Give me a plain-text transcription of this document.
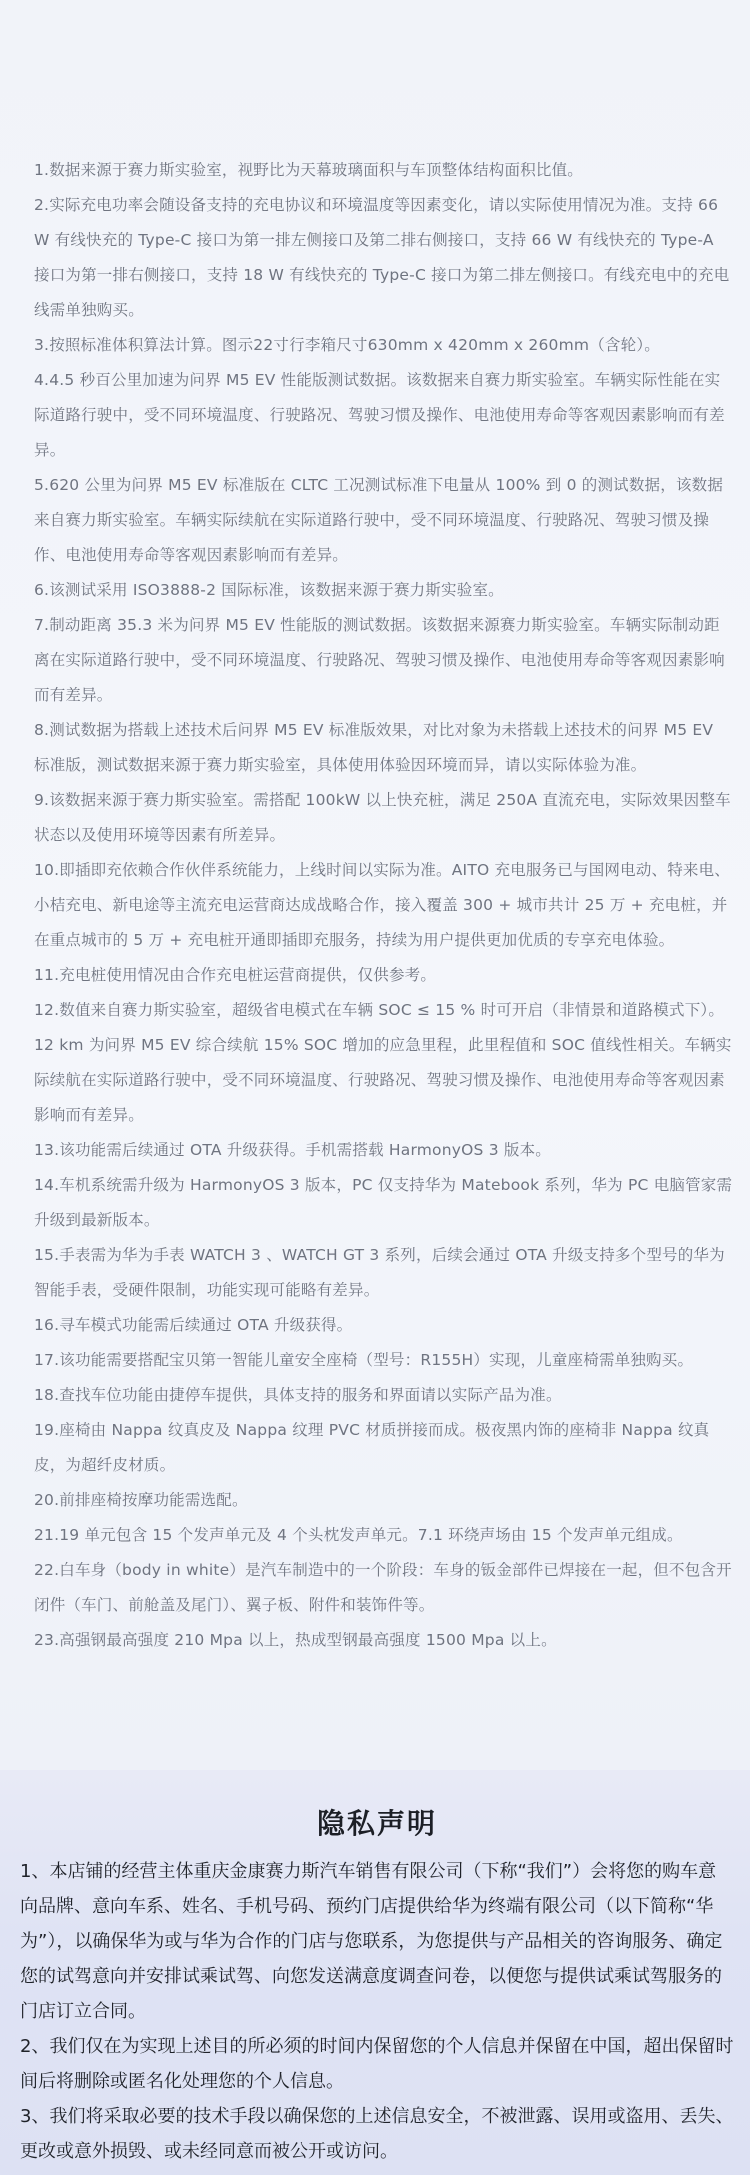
1.数据来源于赛力斯实验室，视野比为天幕玻璃面积与车顶整体结构面积比值。

2.实际充电功率会随设备支持的充电协议和环境温度等因素变化，请以实际使用情况为准。支持 66 W 有线快充的 Type-C 接口为第一排左侧接口及第二排右侧接口，支持 66 W 有线快充的 Type-A 接口为第一排右侧接口，支持 18 W 有线快充的 Type-C 接口为第二排左侧接口。有线充电中的充电线需单独购买。

3.按照标准体积算法计算。图示22寸行李箱尺寸630mm x 420mm x 260mm（含轮）。

4.4.5 秒百公里加速为问界 M5 EV 性能版测试数据。该数据来自赛力斯实验室。车辆实际性能在实际道路行驶中，受不同环境温度、行驶路况、驾驶习惯及操作、电池使用寿命等客观因素影响而有差异。

5.620 公里为问界 M5 EV 标准版在 CLTC 工况测试标准下电量从 100% 到 0 的测试数据，该数据来自赛力斯实验室。车辆实际续航在实际道路行驶中，受不同环境温度、行驶路况、驾驶习惯及操作、电池使用寿命等客观因素影响而有差异。

6.该测试采用 ISO3888-2 国际标准，该数据来源于赛力斯实验室。

7.制动距离 35.3 米为问界 M5 EV 性能版的测试数据。该数据来源赛力斯实验室。车辆实际制动距离在实际道路行驶中，受不同环境温度、行驶路况、驾驶习惯及操作、电池使用寿命等客观因素影响而有差异。

8.测试数据为搭载上述技术后问界 M5 EV 标准版效果，对比对象为未搭载上述技术的问界 M5 EV 标准版，测试数据来源于赛力斯实验室，具体使用体验因环境而异，请以实际体验为准。

9.该数据来源于赛力斯实验室。需搭配 100kW 以上快充桩，满足 250A 直流充电，实际效果因整车状态以及使用环境等因素有所差异。

10.即插即充依赖合作伙伴系统能力，上线时间以实际为准。AITO 充电服务已与国网电动、特来电、小桔充电、新电途等主流充电运营商达成战略合作，接入覆盖 300 + 城市共计 25 万 + 充电桩，并在重点城市的 5 万 + 充电桩开通即插即充服务，持续为用户提供更加优质的专享充电体验。

11.充电桩使用情况由合作充电桩运营商提供，仅供参考。

12.数值来自赛力斯实验室，超级省电模式在车辆 SOC ≤ 15 % 时可开启（非情景和道路模式下）。12 km 为问界 M5 EV 综合续航 15% SOC 增加的应急里程，此里程值和 SOC 值线性相关。车辆实际续航在实际道路行驶中，受不同环境温度、行驶路况、驾驶习惯及操作、电池使用寿命等客观因素影响而有差异。

13.该功能需后续通过 OTA 升级获得。手机需搭载 HarmonyOS 3 版本。

14.车机系统需升级为 HarmonyOS 3 版本，PC 仅支持华为 Matebook 系列，华为 PC 电脑管家需升级到最新版本。

15.手表需为华为手表 WATCH 3 、WATCH GT 3 系列，后续会通过 OTA 升级支持多个型号的华为智能手表，受硬件限制，功能实现可能略有差异。

16.寻车模式功能需后续通过 OTA 升级获得。

17.该功能需要搭配宝贝第一智能儿童安全座椅（型号：R155H）实现，儿童座椅需单独购买。

18.查找车位功能由捷停车提供，具体支持的服务和界面请以实际产品为准。

19.座椅由 Nappa 纹真皮及 Nappa 纹理 PVC 材质拼接而成。极夜黑内饰的座椅非 Nappa 纹真皮，为超纤皮材质。

20.前排座椅按摩功能需选配。

21.19 单元包含 15 个发声单元及 4 个头枕发声单元。7.1 环绕声场由 15 个发声单元组成。

22.白车身（body in white）是汽车制造中的一个阶段：车身的钣金部件已焊接在一起，但不包含开闭件（车门、前舱盖及尾门）、翼子板、附件和装饰件等。

23.高强钢最高强度 210 Mpa 以上，热成型钢最高强度 1500 Mpa 以上。

隐私声明

1、本店铺的经营主体重庆金康赛力斯汽车销售有限公司（下称“我们”）会将您的购车意向品牌、意向车系、姓名、手机号码、预约门店提供给华为终端有限公司（以下简称“华为”），以确保华为或与华为合作的门店与您联系，为您提供与产品相关的咨询服务、确定您的试驾意向并安排试乘试驾、向您发送满意度调查问卷，以便您与提供试乘试驾服务的门店订立合同。

2、我们仅在为实现上述目的所必须的时间内保留您的个人信息并保留在中国，超出保留时间后将删除或匿名化处理您的个人信息。

3、我们将采取必要的技术手段以确保您的上述信息安全，不被泄露、误用或盗用、丢失、更改或意外损毁、或未经同意而被公开或访问。
